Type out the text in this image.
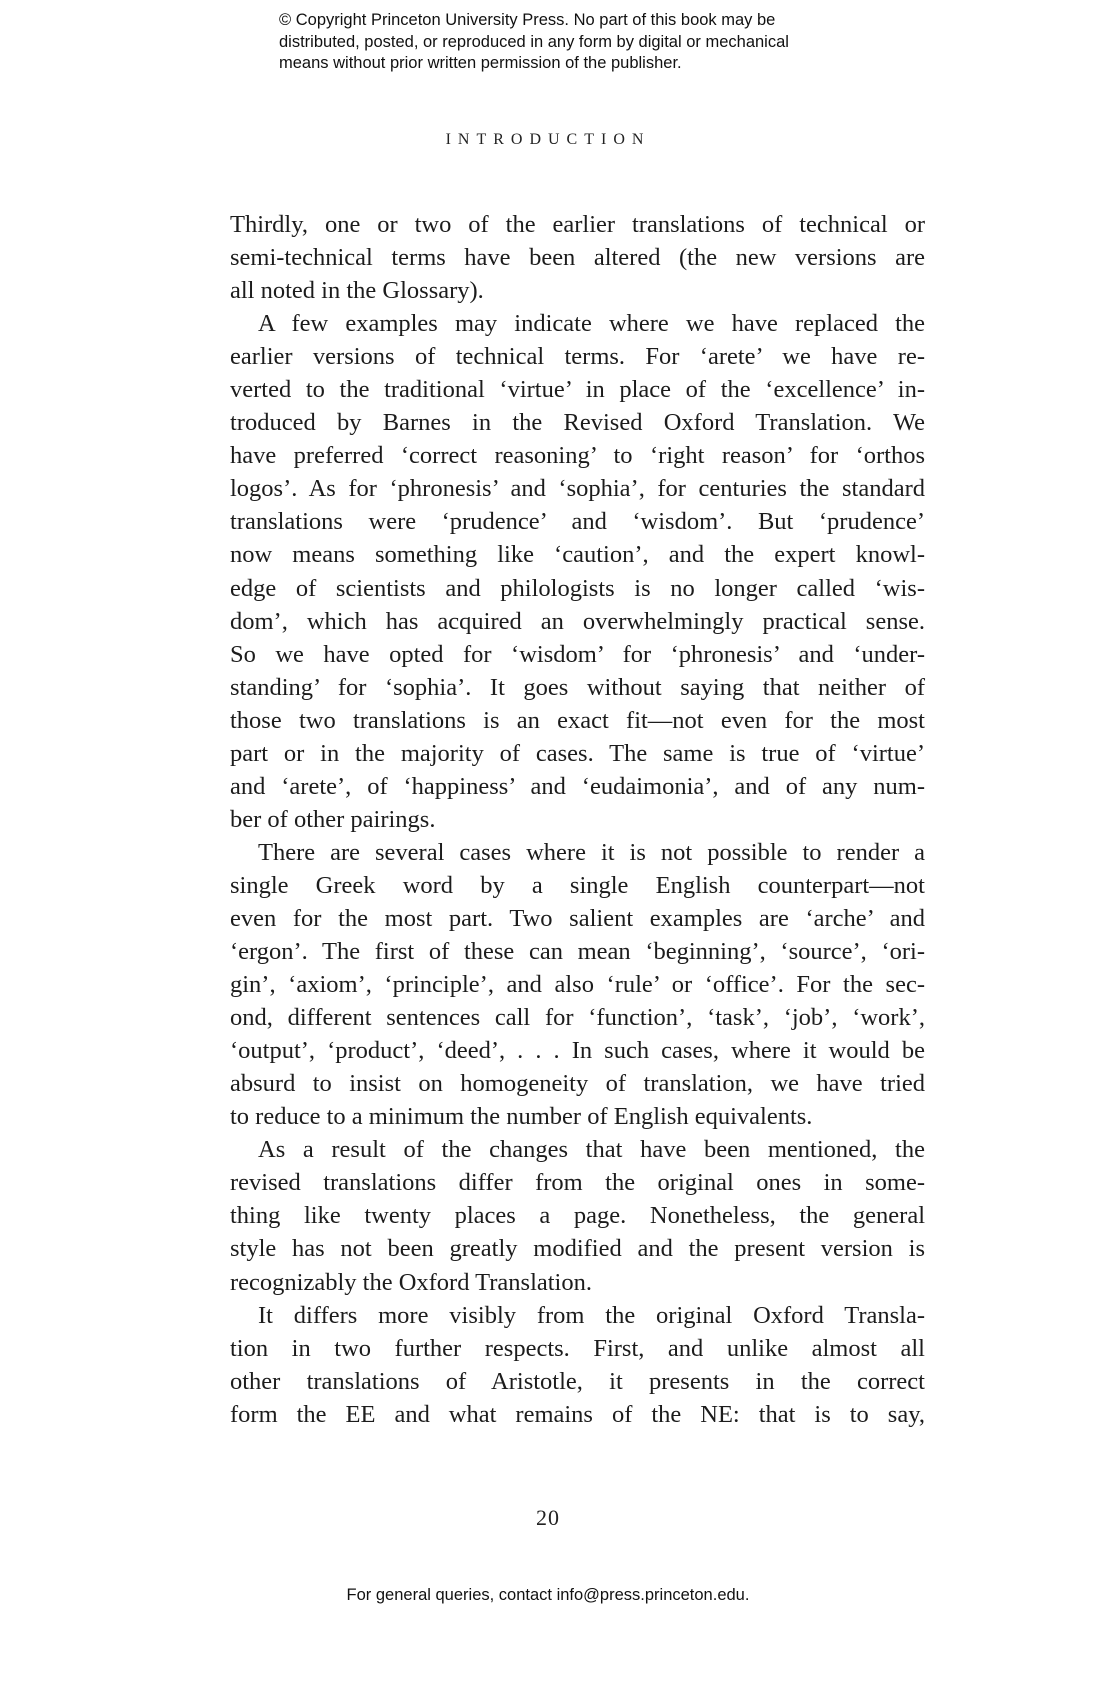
© Copyright Princeton University Press. No part of this book may be
distributed, posted, or reproduced in any form by digital or mechanical
means without prior written permission of the publisher.
INTRODUCTION
Thirdly, one or two of the earlier translations of technical or
semi-technical terms have been altered (the new versions are
all noted in the Glossary).
A few examples may indicate where we have replaced the
earlier versions of technical terms. For ‘arete’ we have re-
verted to the traditional ‘virtue’ in place of the ‘excellence’ in-
troduced by Barnes in the Revised Oxford Translation. We
have preferred ‘correct reasoning’ to ‘right reason’ for ‘orthos
logos’. As for ‘phronesis’ and ‘sophia’, for centuries the standard
translations were ‘prudence’ and ‘wisdom’. But ‘prudence’
now means something like ‘caution’, and the expert knowl-
edge of scientists and philologists is no longer called ‘wis-
dom’, which has acquired an overwhelmingly practical sense.
So we have opted for ‘wisdom’ for ‘phronesis’ and ‘under-
standing’ for ‘sophia’. It goes without saying that neither of
those two translations is an exact fit—not even for the most
part or in the majority of cases. The same is true of ‘virtue’
and ‘arete’, of ‘happiness’ and ‘eudaimonia’, and of any num-
ber of other pairings.
There are several cases where it is not possible to render a
single Greek word by a single English counterpart—not
even for the most part. Two salient examples are ‘arche’ and
‘ergon’. The first of these can mean ‘beginning’, ‘source’, ‘ori-
gin’, ‘axiom’, ‘principle’, and also ‘rule’ or ‘office’. For the sec-
ond, different sentences call for ‘function’, ‘task’, ‘job’, ‘work’,
‘output’, ‘product’, ‘deed’, . . . In such cases, where it would be
absurd to insist on homogeneity of translation, we have tried
to reduce to a minimum the number of English equivalents.
As a result of the changes that have been mentioned, the
revised translations differ from the original ones in some-
thing like twenty places a page. Nonetheless, the general
style has not been greatly modified and the present version is
recognizably the Oxford Translation.
It differs more visibly from the original Oxford Transla-
tion in two further respects. First, and unlike almost all
other translations of Aristotle, it presents in the correct
form the EE and what remains of the NE: that is to say,
20
For general queries, contact info@press.princeton.edu.
